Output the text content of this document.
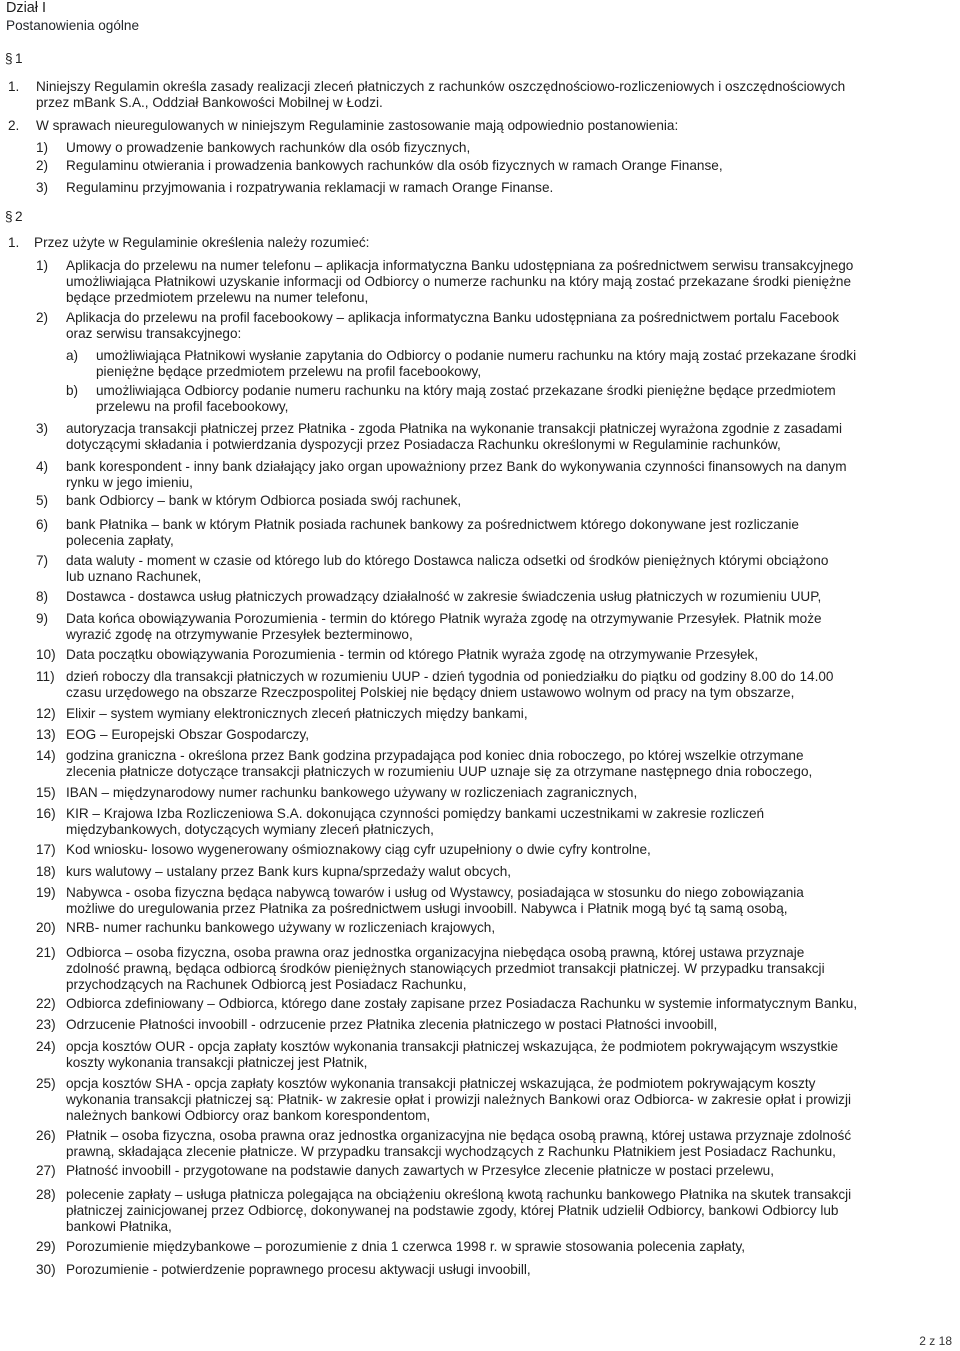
Dział I
Postanowienia ogólne
§ 1
1. Niniejszy Regulamin określa zasady realizacji zleceń płatniczych z rachunków oszczędnościowo-rozliczeniowych i oszczędnościowych
przez mBank S.A., Oddział Bankowości Mobilnej w Łodzi.
2. W sprawach nieuregulowanych w niniejszym Regulaminie zastosowanie mają odpowiednio postanowienia:
1) Umowy o prowadzenie bankowych rachunków dla osób fizycznych,
2) Regulaminu otwierania i prowadzenia bankowych rachunków dla osób fizycznych w ramach Orange Finanse,
3) Regulaminu przyjmowania i rozpatrywania reklamacji w ramach Orange Finanse.
§ 2
1. Przez użyte w Regulaminie określenia należy rozumieć:
1) Aplikacja do przelewu na numer telefonu – aplikacja informatyczna Banku udostępniana za pośrednictwem serwisu transakcyjnego
umożliwiająca Płatnikowi uzyskanie informacji od Odbiorcy o numerze rachunku na który mają zostać przekazane środki pieniężne
będące przedmiotem przelewu na numer telefonu,
2) Aplikacja do przelewu na profil facebookowy – aplikacja informatyczna Banku udostępniana za pośrednictwem portalu Facebook
oraz serwisu transakcyjnego:
a) umożliwiająca Płatnikowi wysłanie zapytania do Odbiorcy o podanie numeru rachunku na który mają zostać przekazane środki
pieniężne będące przedmiotem przelewu na profil facebookowy,
b) umożliwiająca Odbiorcy podanie numeru rachunku na który mają zostać przekazane środki pieniężne będące przedmiotem
przelewu na profil facebookowy,
3) autoryzacja transakcji płatniczej przez Płatnika - zgoda Płatnika na wykonanie transakcji płatniczej wyrażona zgodnie z zasadami
dotyczącymi składania i potwierdzania dyspozycji przez Posiadacza Rachunku określonymi w Regulaminie rachunków,
4) bank korespondent - inny bank działający jako organ upoważniony przez Bank do wykonywania czynności finansowych na danym
rynku w jego imieniu,
5) bank Odbiorcy – bank w którym Odbiorca posiada swój rachunek,
6) bank Płatnika – bank w którym Płatnik posiada rachunek bankowy za pośrednictwem którego dokonywane jest rozliczanie
polecenia zapłaty,
7) data waluty - moment w czasie od którego lub do którego Dostawca nalicza odsetki od środków pieniężnych którymi obciążono
lub uznano Rachunek,
8) Dostawca - dostawca usług płatniczych prowadzący działalność w zakresie świadczenia usług płatniczych w rozumieniu UUP,
9) Data końca obowiązywania Porozumienia - termin do którego Płatnik wyraża zgodę na otrzymywanie Przesyłek. Płatnik może
wyrazić zgodę na otrzymywanie Przesyłek bezterminowo,
10) Data początku obowiązywania Porozumienia - termin od którego Płatnik wyraża zgodę na otrzymywanie Przesyłek,
11) dzień roboczy dla transakcji płatniczych w rozumieniu UUP - dzień tygodnia od poniedziałku do piątku od godziny 8.00 do 14.00
czasu urzędowego na obszarze Rzeczpospolitej Polskiej nie będący dniem ustawowo wolnym od pracy na tym obszarze,
12) Elixir – system wymiany elektronicznych zleceń płatniczych między bankami,
13) EOG – Europejski Obszar Gospodarczy,
14) godzina graniczna - określona przez Bank godzina przypadająca pod koniec dnia roboczego, po której wszelkie otrzymane
zlecenia płatnicze dotyczące transakcji płatniczych w rozumieniu UUP uznaje się za otrzymane następnego dnia roboczego,
15) IBAN – międzynarodowy numer rachunku bankowego używany w rozliczeniach zagranicznych,
16) KIR – Krajowa Izba Rozliczeniowa S.A. dokonująca czynności pomiędzy bankami uczestnikami w zakresie rozliczeń
międzybankowych, dotyczących wymiany zleceń płatniczych,
17) Kod wniosku- losowo wygenerowany ośmioznakowy ciąg cyfr uzupełniony o dwie cyfry kontrolne,
18) kurs walutowy – ustalany przez Bank kurs kupna/sprzedaży walut obcych,
19) Nabywca - osoba fizyczna będąca nabywcą towarów i usług od Wystawcy, posiadająca w stosunku do niego zobowiązania
możliwe do uregulowania przez Płatnika za pośrednictwem usługi invoobill. Nabywca i Płatnik mogą być tą samą osobą,
20) NRB- numer rachunku bankowego używany w rozliczeniach krajowych,
21) Odbiorca – osoba fizyczna, osoba prawna oraz jednostka organizacyjna niebędąca osobą prawną, której ustawa przyznaje
zdolność prawną, będąca odbiorcą środków pieniężnych stanowiących przedmiot transakcji płatniczej. W przypadku transakcji
przychodzących na Rachunek Odbiorcą jest Posiadacz Rachunku,
22) Odbiorca zdefiniowany – Odbiorca, którego dane zostały zapisane przez Posiadacza Rachunku w systemie informatycznym Banku,
23) Odrzucenie Płatności invoobill - odrzucenie przez Płatnika zlecenia płatniczego w postaci Płatności invoobill,
24) opcja kosztów OUR - opcja zapłaty kosztów wykonania transakcji płatniczej wskazująca, że podmiotem pokrywającym wszystkie
koszty wykonania transakcji płatniczej jest Płatnik,
25) opcja kosztów SHA - opcja zapłaty kosztów wykonania transakcji płatniczej wskazująca, że podmiotem pokrywającym koszty
wykonania transakcji płatniczej są: Płatnik- w zakresie opłat i prowizji należnych Bankowi oraz Odbiorca- w zakresie opłat i prowizji
należnych bankowi Odbiorcy oraz bankom korespondentom,
26) Płatnik – osoba fizyczna, osoba prawna oraz jednostka organizacyjna nie będąca osobą prawną, której ustawa przyznaje zdolność
prawną, składająca zlecenie płatnicze. W przypadku transakcji wychodzących z Rachunku Płatnikiem jest Posiadacz Rachunku,
27) Płatność invoobill - przygotowane na podstawie danych zawartych w Przesyłce zlecenie płatnicze w postaci przelewu,
28) polecenie zapłaty – usługa płatnicza polegająca na obciążeniu określoną kwotą rachunku bankowego Płatnika na skutek transakcji
płatniczej zainicjowanej przez Odbiorcę, dokonywanej na podstawie zgody, której Płatnik udzielił Odbiorcy, bankowi Odbiorcy lub
bankowi Płatnika,
29) Porozumienie międzybankowe – porozumienie z dnia 1 czerwca 1998 r. w sprawie stosowania polecenia zapłaty,
30) Porozumienie - potwierdzenie poprawnego procesu aktywacji usługi invoobill,
2 z 18
